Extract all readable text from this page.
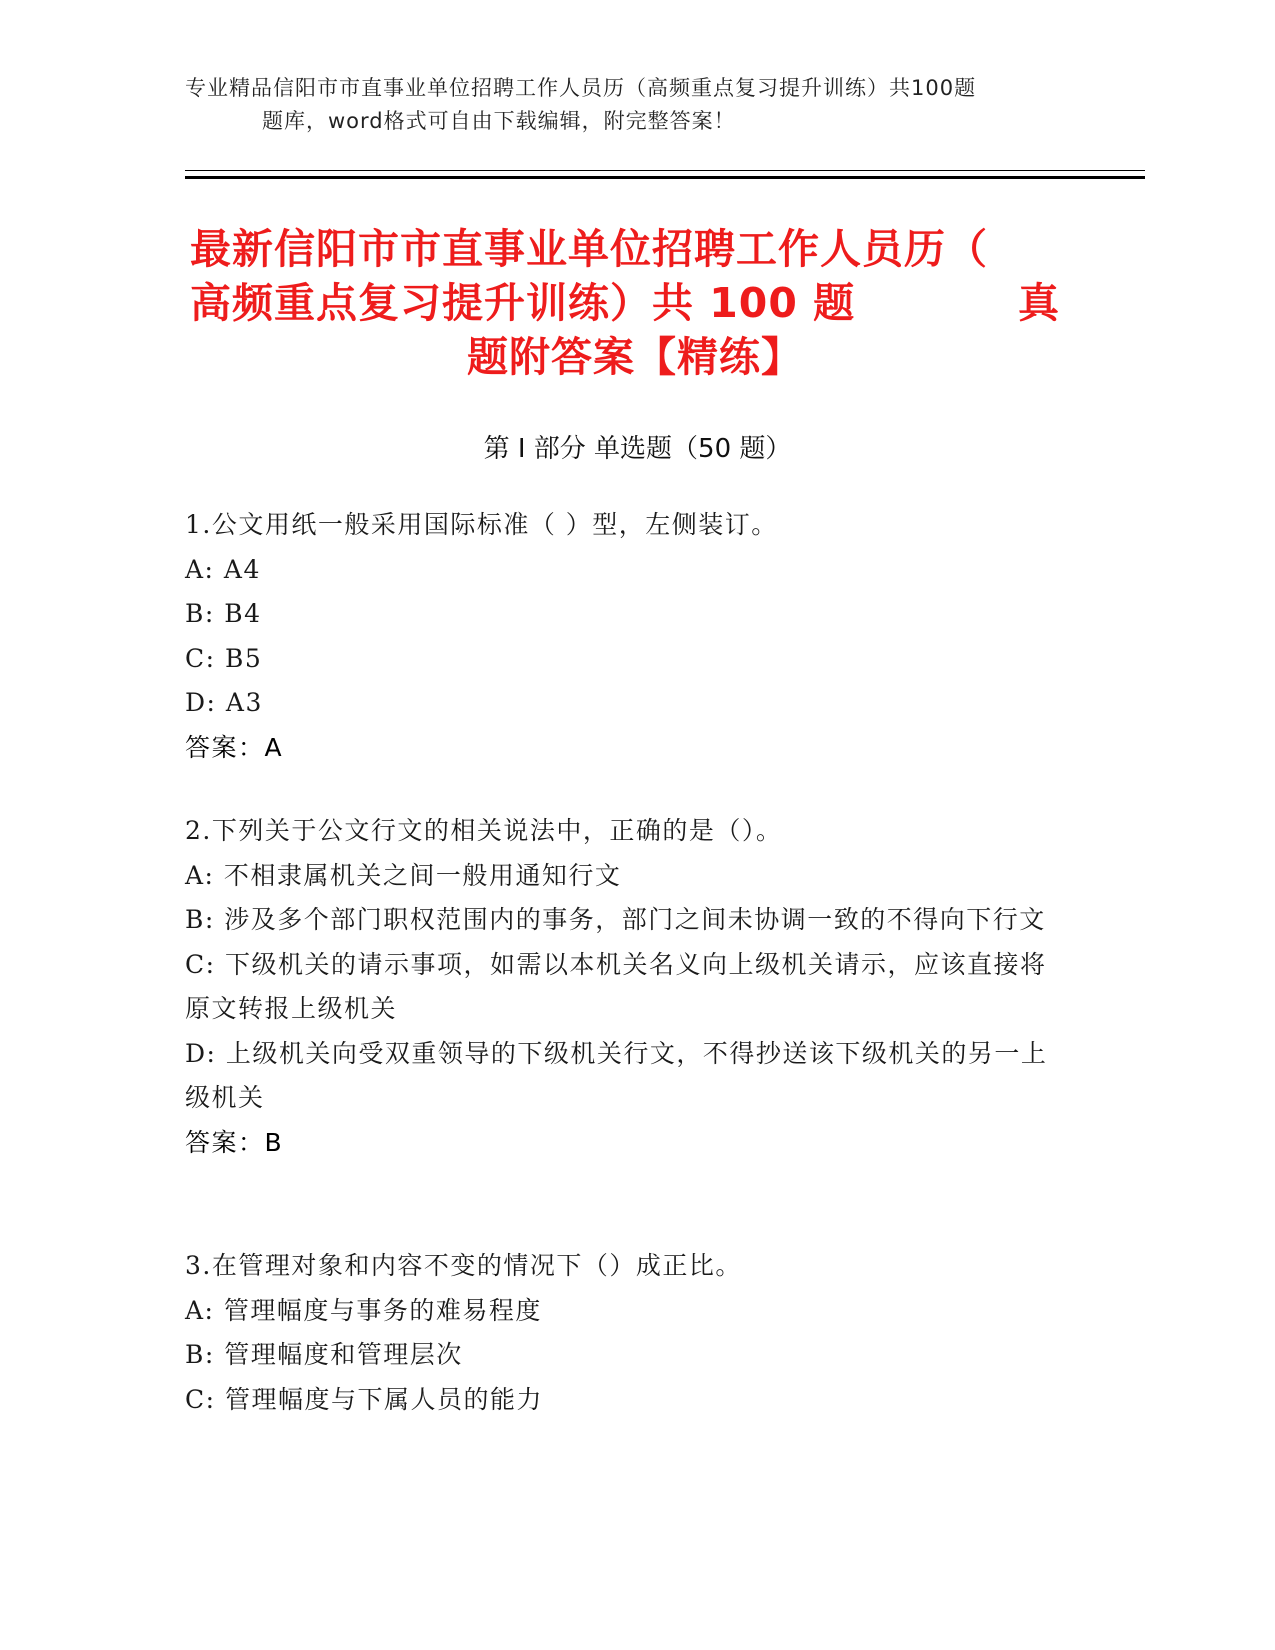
专业精品信阳市市直事业单位招聘工作人员历（高频重点复习提升训练）共100题
题库，word格式可自由下载编辑，附完整答案！
最新信阳市市直事业单位招聘工作人员历（
高频重点复习提升训练）共 100 题	真
题附答案【精练】
第 I 部分 单选题（50 题）
1.公文用纸一般采用国际标准（ ）型，左侧装订。
A: A4
B: B4
C: B5
D: A3
答案：A
2.下列关于公文行文的相关说法中，正确的是（）。
A: 不相隶属机关之间一般用通知行文
B: 涉及多个部门职权范围内的事务，部门之间未协调一致的不得向下行文
C: 下级机关的请示事项，如需以本机关名义向上级机关请示，应该直接将原文转报上级机关
D: 上级机关向受双重领导的下级机关行文，不得抄送该下级机关的另一上级机关
答案：B
3.在管理对象和内容不变的情况下（）成正比。
A: 管理幅度与事务的难易程度
B: 管理幅度和管理层次
C: 管理幅度与下属人员的能力
